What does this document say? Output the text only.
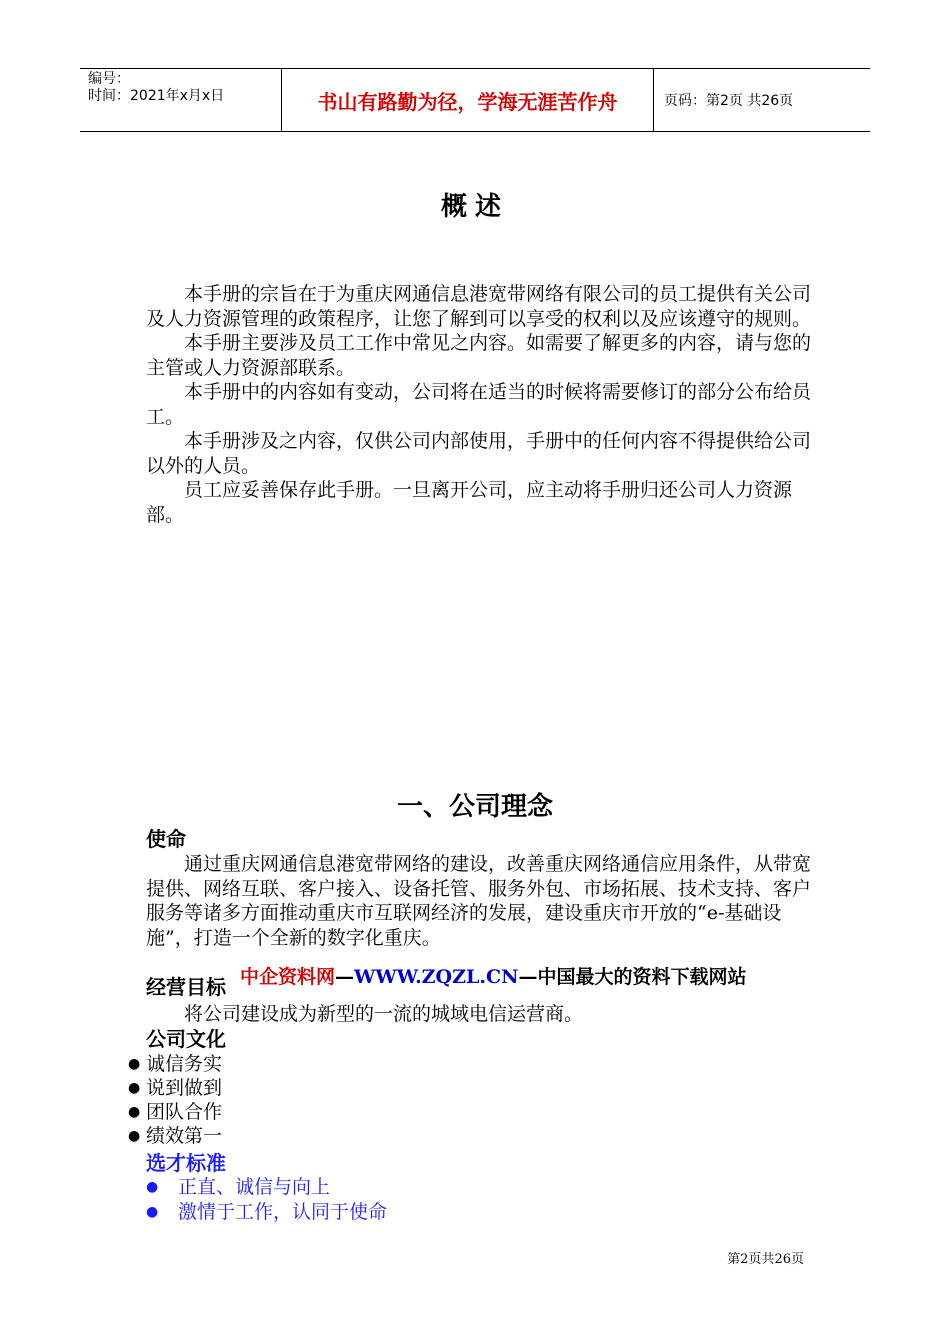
编号：
时间：2021年x月x日	书山有路勤为径，学海无涯苦作舟	页码：第2页 共26页
概述

本手册的宗旨在于为重庆网通信息港宽带网络有限公司的员工提供有关公司及人力资源管理的政策程序，让您了解到可以享受的权利以及应该遵守的规则。

本手册主要涉及员工工作中常见之内容。如需要了解更多的内容，请与您的主管或人力资源部联系。

本手册中的内容如有变动，公司将在适当的时候将需要修订的部分公布给员工。

本手册涉及之内容，仅供公司内部使用，手册中的任何内容不得提供给公司以外的人员。

员工应妥善保存此手册。一旦离开公司，应主动将手册归还公司人力资源部。

一、公司理念
使命

通过重庆网通信息港宽带网络的建设，改善重庆网络通信应用条件，从带宽提供、网络互联、客户接入、设备托管、服务外包、市场拓展、技术支持、客户服务等诸多方面推动重庆市互联网经济的发展，建设重庆市开放的“e-基础设施”，打造一个全新的数字化重庆。

经营目标 中企资料网—WWW.ZQZL.CN—中国最大的资料下载网站

将公司建设成为新型的一流的城域电信运营商。

公司文化
● 诚信务实
● 说到做到
● 团队合作
● 绩效第一
选才标准
●	正直、诚信与向上
●	激情于工作，认同于使命
第2页共26页
